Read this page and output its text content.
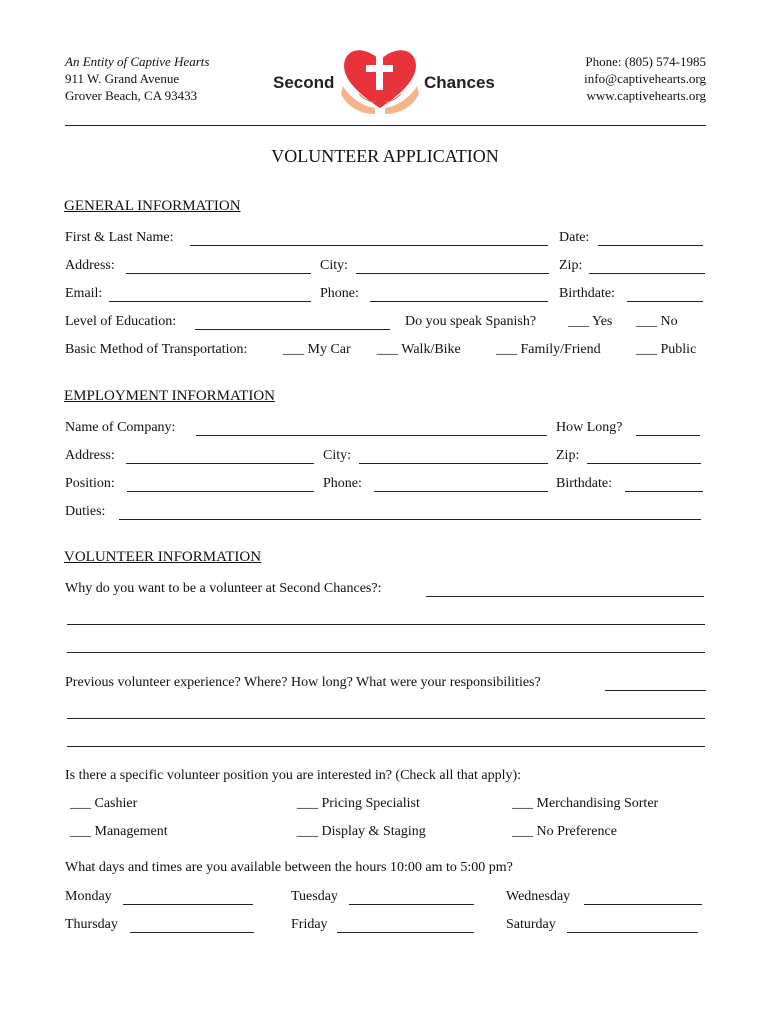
An Entity of Captive Hearts
911 W. Grand Avenue
Grover Beach, CA 93433
Second	Chances
Phone: (805) 574-1985
info@captivehearts.org
www.captivehearts.org
VOLUNTEER APPLICATION
GENERAL INFORMATION
First & Last Name:	Date:
Address:	City:	Zip:
Email:	Phone:	Birthdate:
Level of Education:	Do you speak Spanish? ___ Yes ___ No
Basic Method of Transportation:	___ My Car ___ Walk/Bike	___ Family/Friend	___ Public
EMPLOYMENT INFORMATION
Name of Company:	How Long?
Address:	City:	Zip:
Position:	Phone:	Birthdate:
Duties:
VOLUNTEER INFORMATION
Why do you want to be a volunteer at Second Chances?:
Previous volunteer experience? Where? How long? What were your responsibilities?
Is there a specific volunteer position you are interested in? (Check all that apply):
___ Cashier	___ Pricing Specialist	___ Merchandising Sorter
___ Management	___ Display & Staging	___ No Preference
What days and times are you available between the hours 10:00 am to 5:00 pm?
Monday	Tuesday	Wednesday
Thursday	Friday	Saturday
